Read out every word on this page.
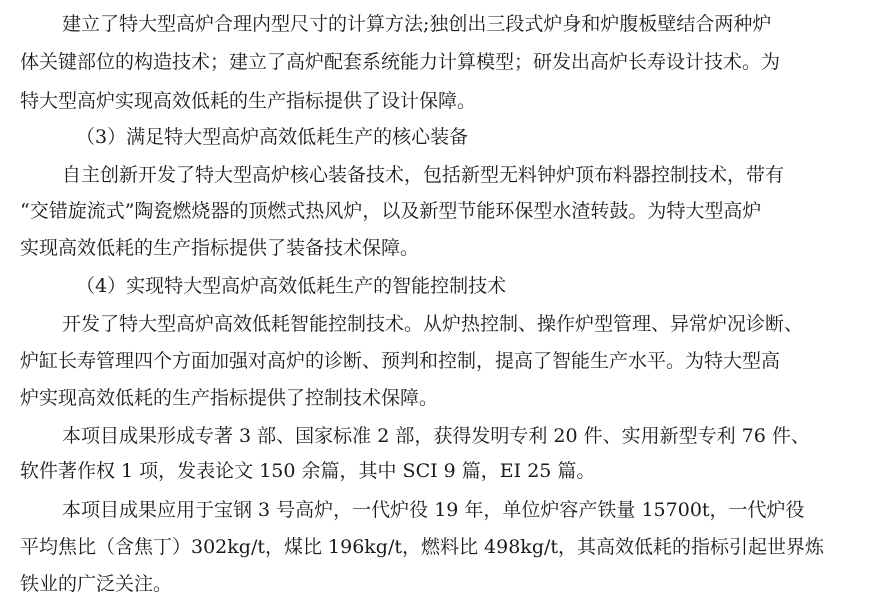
建立了特大型高炉合理内型尺寸的计算方法;独创出三段式炉身和炉腹板壁结合两种炉
体关键部位的构造技术；建立了高炉配套系统能力计算模型；研发出高炉长寿设计技术。为
特大型高炉实现高效低耗的生产指标提供了设计保障。
（3）满足特大型高炉高效低耗生产的核心装备
自主创新开发了特大型高炉核心装备技术，包括新型无料钟炉顶布料器控制技术，带有
“交错旋流式”陶瓷燃烧器的顶燃式热风炉，以及新型节能环保型水渣转鼓。为特大型高炉
实现高效低耗的生产指标提供了装备技术保障。
（4）实现特大型高炉高效低耗生产的智能控制技术
开发了特大型高炉高效低耗智能控制技术。从炉热控制、操作炉型管理、异常炉况诊断、
炉缸长寿管理四个方面加强对高炉的诊断、预判和控制，提高了智能生产水平。为特大型高
炉实现高效低耗的生产指标提供了控制技术保障。
本项目成果形成专著 3 部、国家标准 2 部，获得发明专利 20 件、实用新型专利 76 件、
软件著作权 1 项，发表论文 150 余篇，其中 SCI 9 篇，EI 25 篇。
本项目成果应用于宝钢 3 号高炉，一代炉役 19 年，单位炉容产铁量 15700t，一代炉役
平均焦比（含焦丁）302kg/t，煤比 196kg/t，燃料比 498kg/t，其高效低耗的指标引起世界炼
铁业的广泛关注。
